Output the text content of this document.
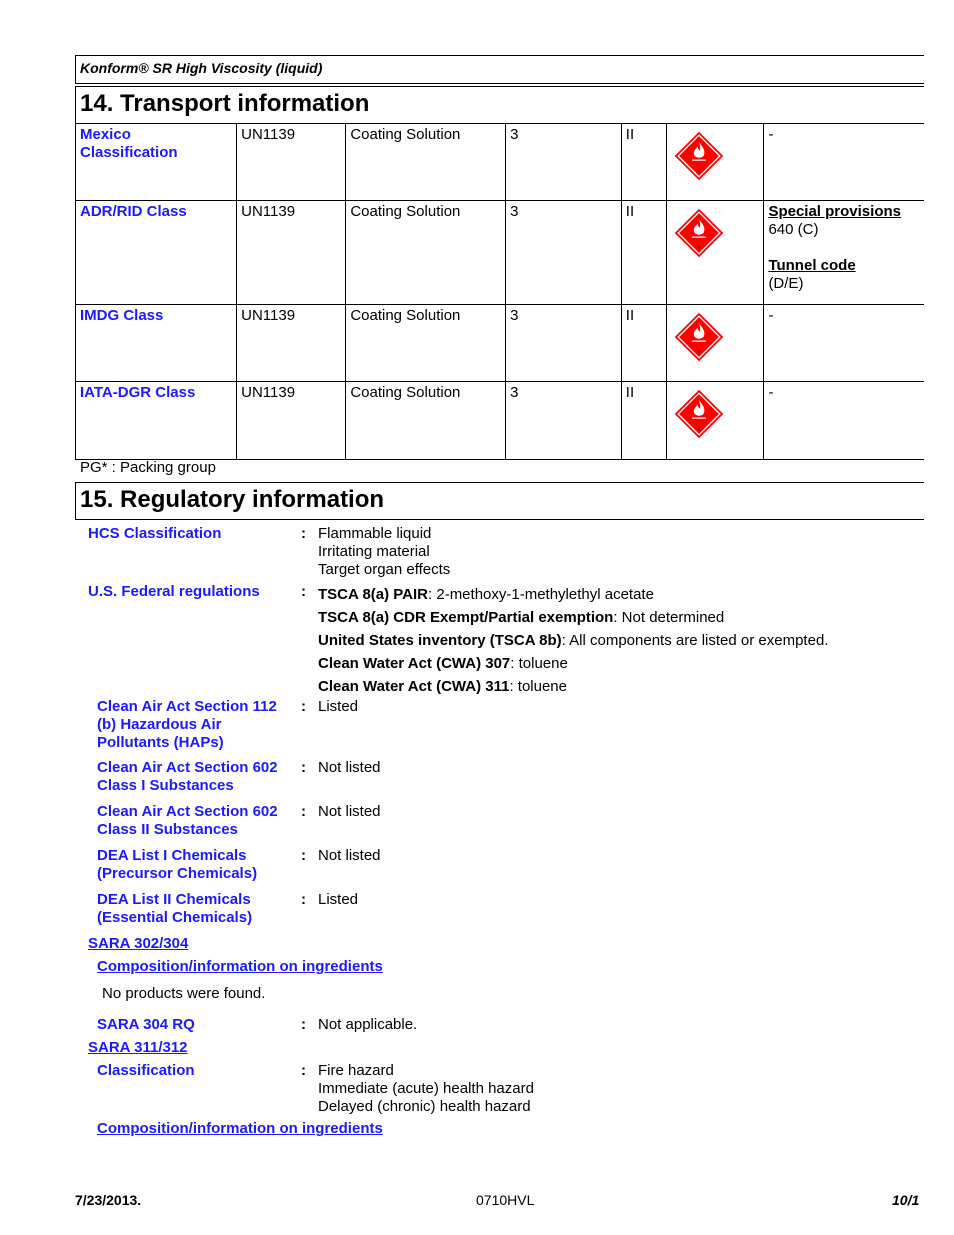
Konform® SR High Viscosity (liquid)
14. Transport information
Mexico Classification	UN1139	Coating Solution	3	II	3	-
ADR/RID Class	UN1139	Coating Solution	3	II	3	Special provisions
640 (C)
Tunnel code
(D/E)

IMDG Class	UN1139	Coating Solution	3	II	3	-
IATA-DGR Class	UN1139	Coating Solution	3	II	3	-
PG* : Packing group
15. Regulatory information
HCS Classification	: Flammable liquid
Irritating material
Target organ effects
U.S. Federal regulations	: TSCA 8(a) PAIR: 2-methoxy-1-methylethyl acetate
TSCA 8(a) CDR Exempt/Partial exemption: Not determined
United States inventory (TSCA 8b): All components are listed or exempted.
Clean Water Act (CWA) 307: toluene
Clean Water Act (CWA) 311: toluene
Clean Air Act Section 112 (b) Hazardous Air Pollutants (HAPs)
: Listed
Clean Air Act Section 602 Class I Substances
: Not listed
Clean Air Act Section 602 Class II Substances
: Not listed
DEA List I Chemicals (Precursor Chemicals)
: Not listed
DEA List II Chemicals (Essential Chemicals)
: Listed
SARA 302/304
Composition/information on ingredients
No products were found.
SARA 304 RQ	: Not applicable.
SARA 311/312
Classification	: Fire hazard
Immediate (acute) health hazard
Delayed (chronic) health hazard
Composition/information on ingredients
7/23/2013.	0710HVL	10/1
